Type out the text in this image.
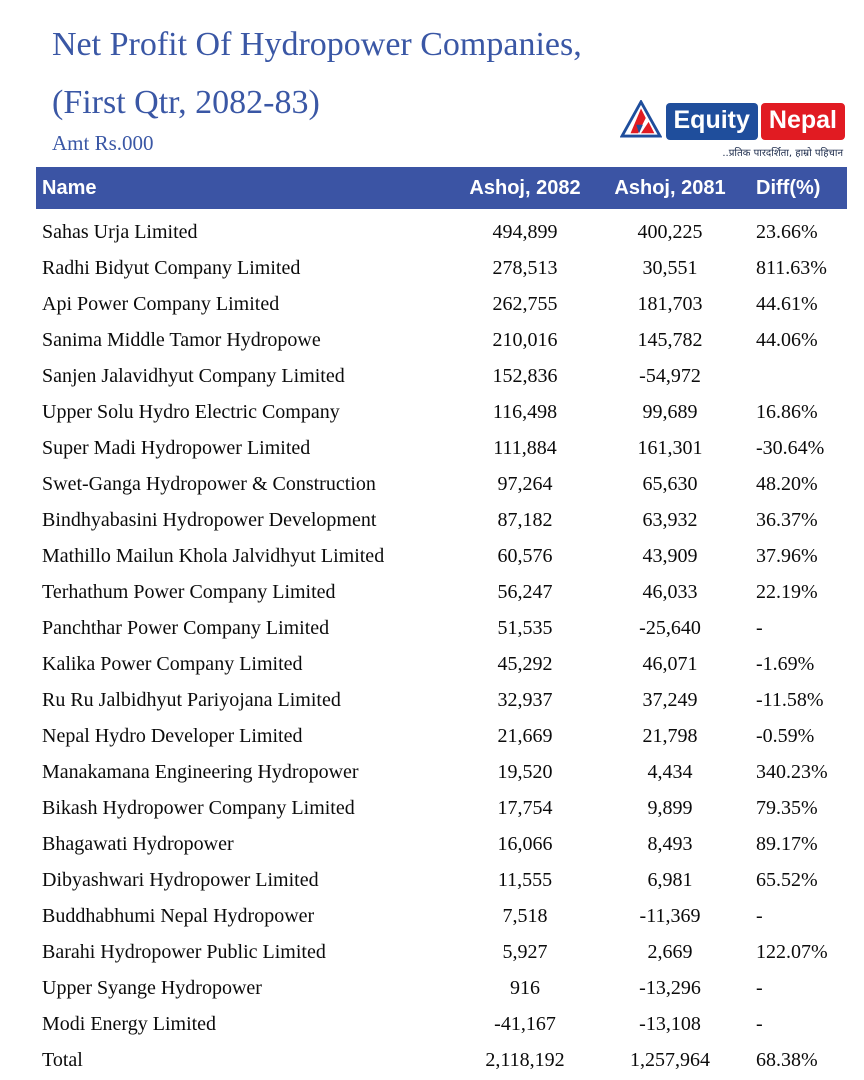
Net Profit Of Hydropower Companies,
(First Qtr, 2082-83)
Amt Rs.000
Equity Nepal
..प्रतिक पारदर्शिता, हाम्रो पहिचान
Name	Ashoj, 2082	Ashoj, 2081	Diff(%)
Sahas Urja Limited	494,899	400,225	23.66%
Radhi Bidyut Company Limited	278,513	30,551	811.63%
Api Power Company Limited	262,755	181,703	44.61%
Sanima Middle Tamor Hydropowe	210,016	145,782	44.06%
Sanjen Jalavidhyut Company Limited	152,836	-54,972
Upper Solu Hydro Electric Company	116,498	99,689	16.86%
Super Madi Hydropower Limited	111,884	161,301	-30.64%
Swet-Ganga Hydropower & Construction	97,264	65,630	48.20%
Bindhyabasini Hydropower Development	87,182	63,932	36.37%
Mathillo Mailun Khola Jalvidhyut Limited	60,576	43,909	37.96%
Terhathum Power Company Limited	56,247	46,033	22.19%
Panchthar Power Company Limited	51,535	-25,640	-
Kalika Power Company Limited	45,292	46,071	-1.69%
Ru Ru Jalbidhyut Pariyojana Limited	32,937	37,249	-11.58%
Nepal Hydro Developer Limited	21,669	21,798	-0.59%
Manakamana Engineering Hydropower	19,520	4,434	340.23%
Bikash Hydropower Company Limited	17,754	9,899	79.35%
Bhagawati Hydropower	16,066	8,493	89.17%
Dibyashwari Hydropower Limited	11,555	6,981	65.52%
Buddhabhumi Nepal Hydropower	7,518	-11,369	-
Barahi Hydropower Public Limited	5,927	2,669	122.07%
Upper Syange Hydropower	916	-13,296	-
Modi Energy Limited	-41,167	-13,108	-
Total	2,118,192	1,257,964	68.38%
